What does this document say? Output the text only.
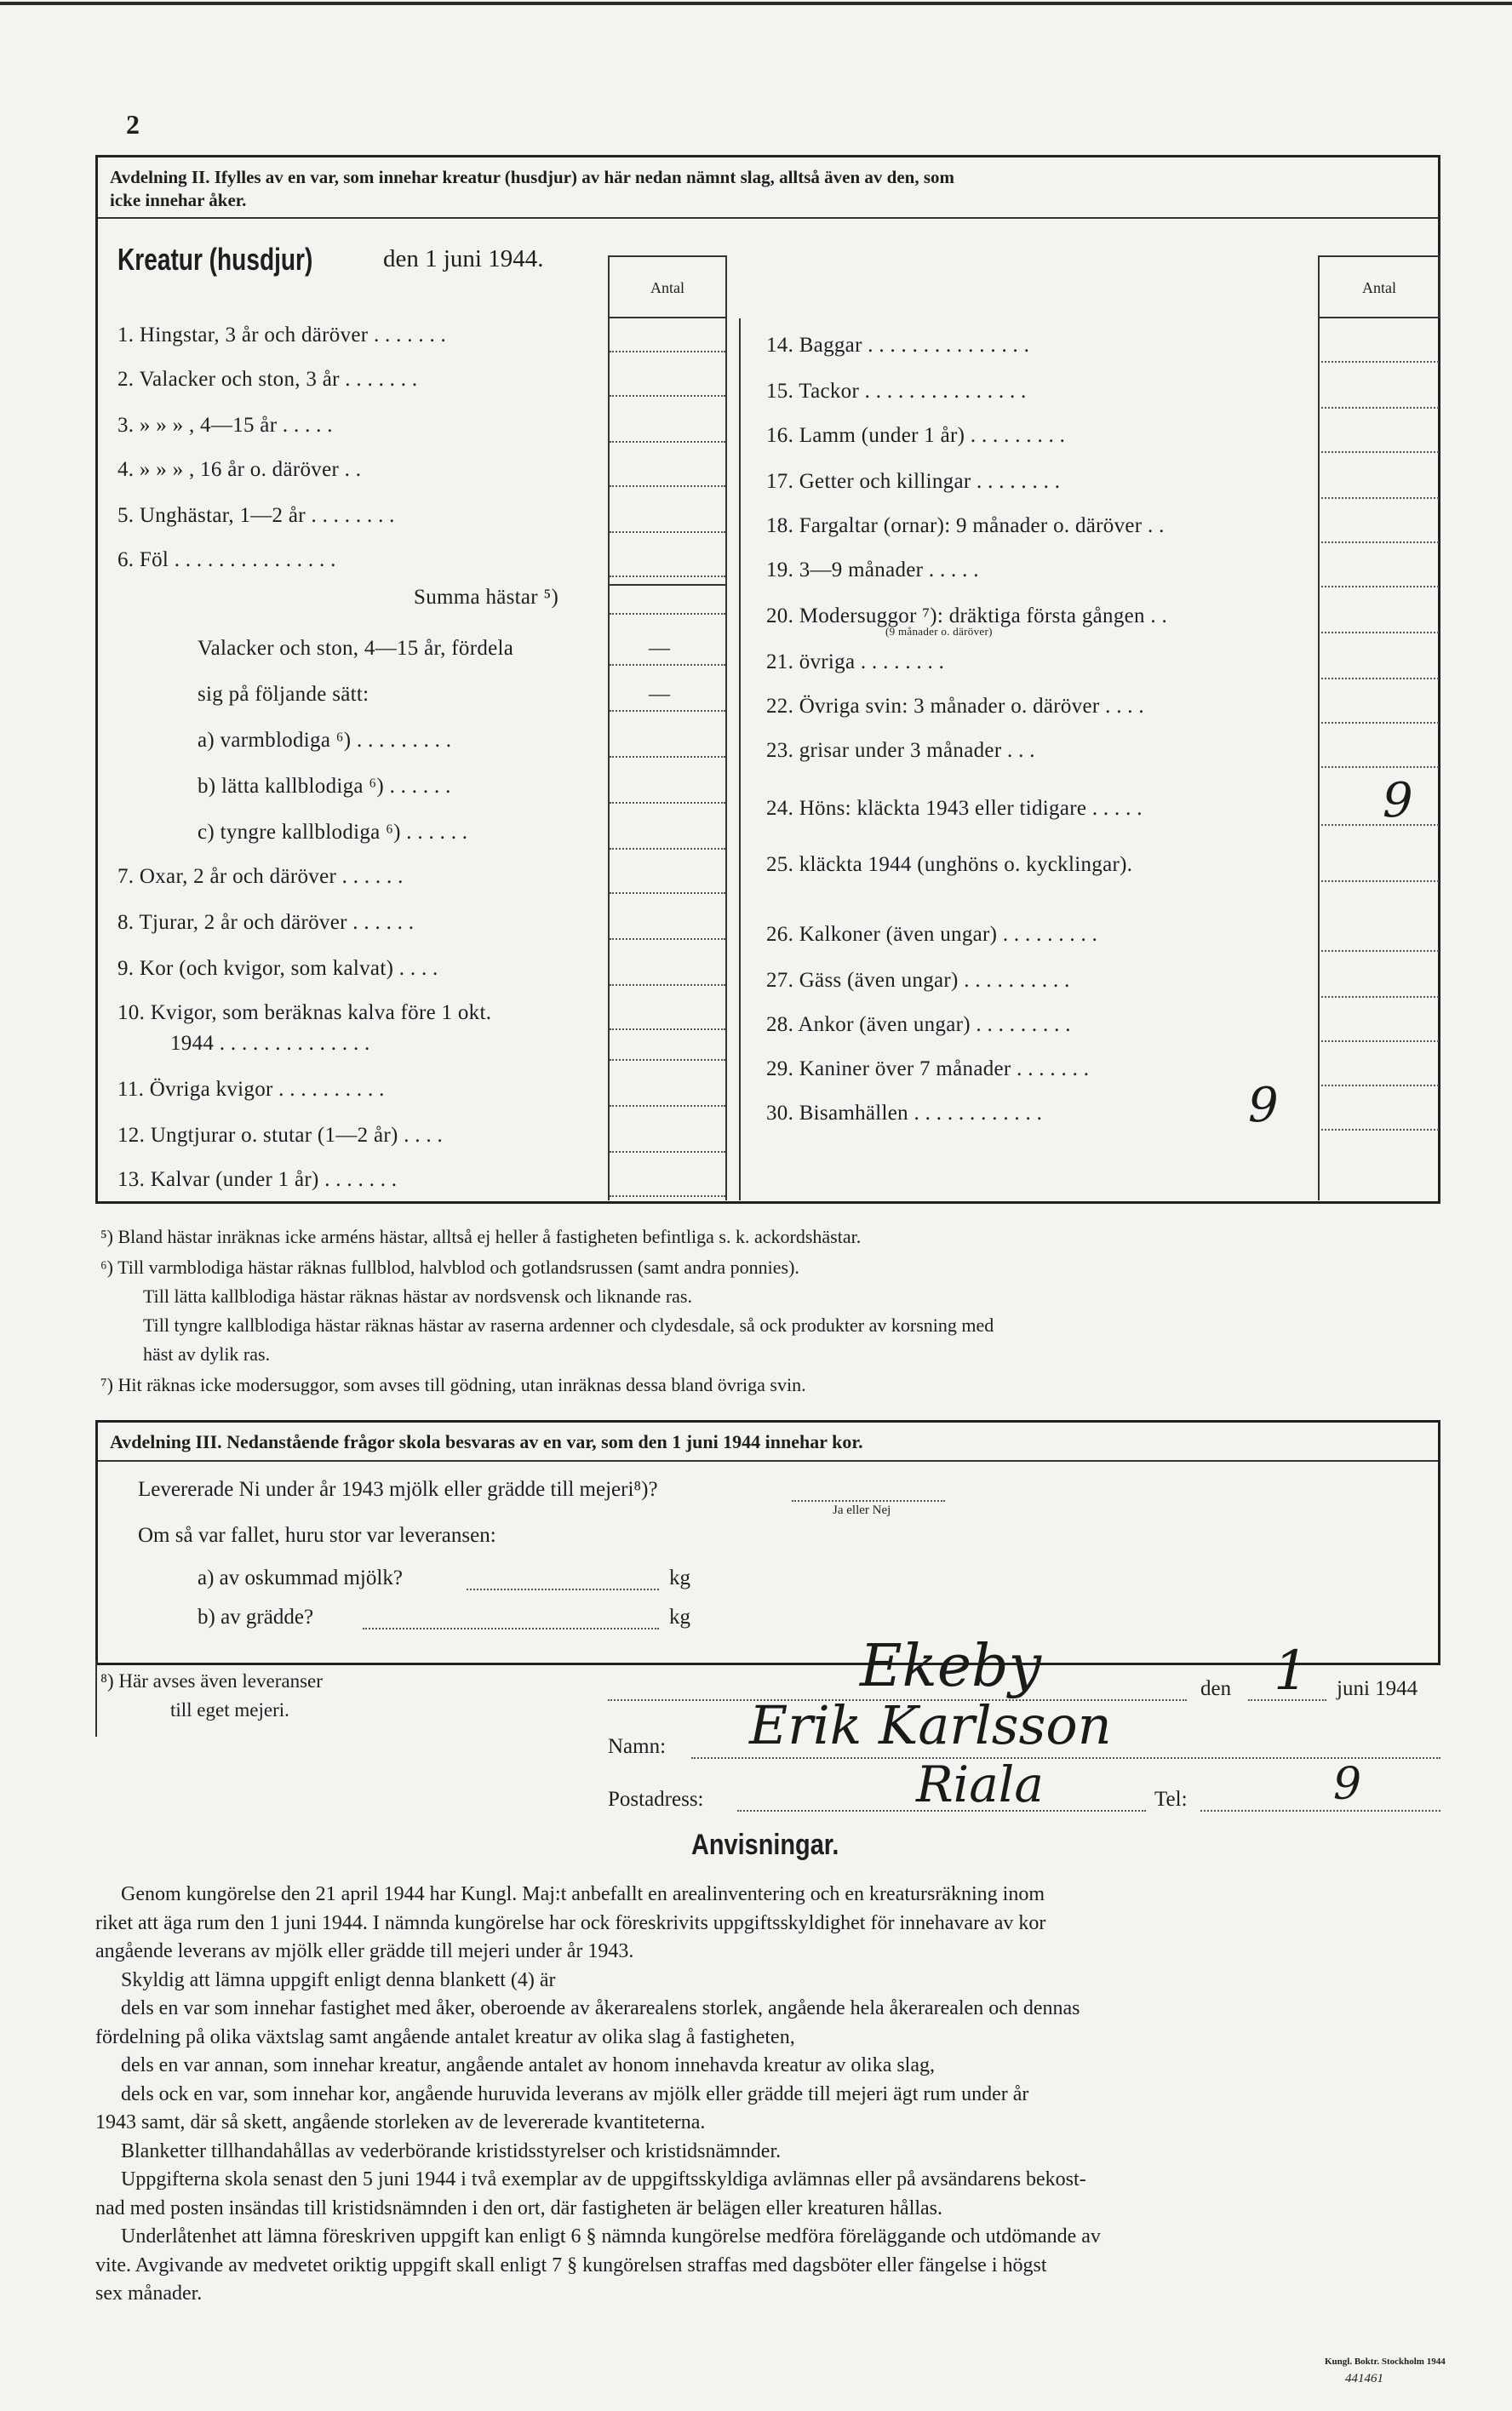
2
Avdelning II. Ifylles av en var, som innehar kreatur (husdjur) av här nedan nämnt slag, alltså även av den, som
icke innehar åker.
Kreatur (husdjur)	den 1 juni 1944.
Antal	Antal
1. Hingstar, 3 år och däröver . . . . . . .
2. Valacker och ston, 3 år . . . . . . .
3. » » » , 4—15 år . . . . .
4. » » » , 16 år o. däröver . .
5. Unghästar, 1—2 år . . . . . . . .
6. Föl . . . . . . . . . . . . . . .
Summa hästar ⁵)
Valacker och ston, 4—15 år, fördela	—
sig på följande sätt:	—
a) varmblodiga ⁶) . . . . . . . . .
b) lätta kallblodiga ⁶) . . . . . .
c) tyngre kallblodiga ⁶) . . . . . .
7. Oxar, 2 år och däröver . . . . . .
8. Tjurar, 2 år och däröver . . . . . .
9. Kor (och kvigor, som kalvat) . . . .
10. Kvigor, som beräknas kalva före 1 okt.
1944 . . . . . . . . . . . . . .
11. Övriga kvigor . . . . . . . . . .
12. Ungtjurar o. stutar (1—2 år) . . . .
13. Kalvar (under 1 år) . . . . . . .
14. Baggar . . . . . . . . . . . . . . .
15. Tackor . . . . . . . . . . . . . . .
16. Lamm (under 1 år) . . . . . . . . .
17. Getter och killingar . . . . . . . .
18. Fargaltar (ornar): 9 månader o. däröver . .
19. 3—9 månader . . . . .
20. Modersuggor ⁷): dräktiga första gången . .
(9 månader o. däröver)
21. övriga . . . . . . . .
22. Övriga svin: 3 månader o. däröver . . . .
23. grisar under 3 månader . . .
24. Höns: kläckta 1943 eller tidigare . . . . .	9
25. kläckta 1944 (unghöns o. kycklingar).
26. Kalkoner (även ungar) . . . . . . . . .
27. Gäss (även ungar) . . . . . . . . . .
28. Ankor (även ungar) . . . . . . . . .
29. Kaniner över 7 månader . . . . . . .
30. Bisamhällen . . . . . . . . . . . .	9
⁵) Bland hästar inräknas icke arméns hästar, alltså ej heller å fastigheten befintliga s. k. ackordshästar.
⁶) Till varmblodiga hästar räknas fullblod, halvblod och gotlandsrussen (samt andra ponnies).
Till lätta kallblodiga hästar räknas hästar av nordsvensk och liknande ras.
Till tyngre kallblodiga hästar räknas hästar av raserna ardenner och clydesdale, så ock produkter av korsning med
häst av dylik ras.
⁷) Hit räknas icke modersuggor, som avses till gödning, utan inräknas dessa bland övriga svin.
Avdelning III. Nedanstående frågor skola besvaras av en var, som den 1 juni 1944 innehar kor.
Levererade Ni under år 1943 mjölk eller grädde till mejeri⁸)?
Ja eller Nej
Om så var fallet, huru stor var leveransen:
a) av oskummad mjölk?	kg
b) av grädde?	kg
⁸) Här avses även leveranser
till eget mejeri.
Ekeby	den 1 juni 1944
Namn: Erik Karlsson
Postadress:	Riala	Tel:	9
Anvisningar.
Genom kungörelse den 21 april 1944 har Kungl. Maj:t anbefallt en arealinventering och en kreatursräkning inom
riket att äga rum den 1 juni 1944. I nämnda kungörelse har ock föreskrivits uppgiftsskyldighet för innehavare av kor
angående leverans av mjölk eller grädde till mejeri under år 1943.
Skyldig att lämna uppgift enligt denna blankett (4) är
dels en var som innehar fastighet med åker, oberoende av åkerarealens storlek, angående hela åkerarealen och dennas
fördelning på olika växtslag samt angående antalet kreatur av olika slag å fastigheten,
dels en var annan, som innehar kreatur, angående antalet av honom innehavda kreatur av olika slag,
dels ock en var, som innehar kor, angående huruvida leverans av mjölk eller grädde till mejeri ägt rum under år
1943 samt, där så skett, angående storleken av de levererade kvantiteterna.
Blanketter tillhandahållas av vederbörande kristidsstyrelser och kristidsnämnder.
Uppgifterna skola senast den 5 juni 1944 i två exemplar av de uppgiftsskyldiga avlämnas eller på avsändarens bekost-
nad med posten insändas till kristidsnämnden i den ort, där fastigheten är belägen eller kreaturen hållas.
Underlåtenhet att lämna föreskriven uppgift kan enligt 6 § nämnda kungörelse medföra föreläggande och utdömande av
vite. Avgivande av medvetet oriktig uppgift skall enligt 7 § kungörelsen straffas med dagsböter eller fängelse i högst
sex månader.
Kungl. Boktr. Stockholm 1944
441461
